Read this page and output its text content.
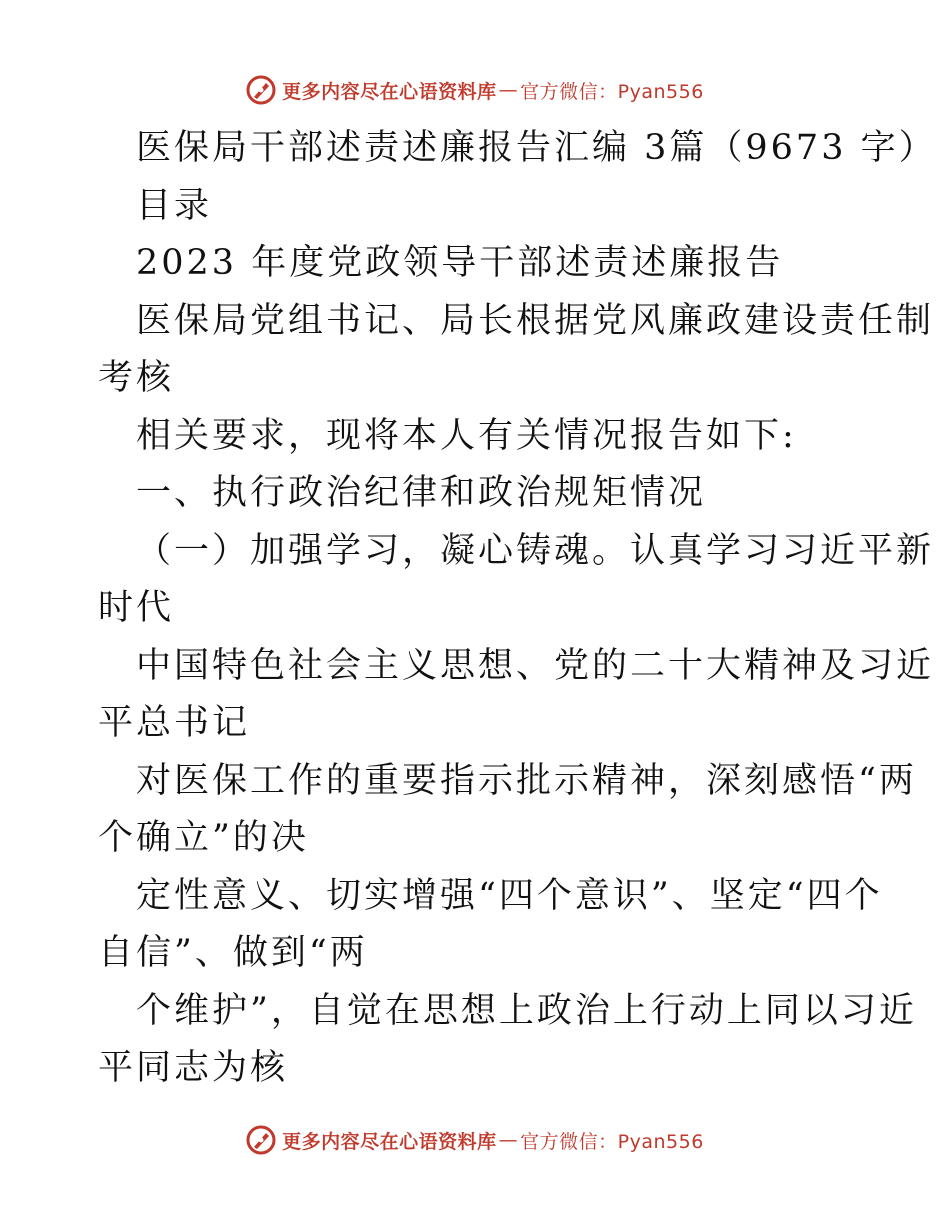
更多内容尽在心语资料库 — 官方微信：Pyan556
医保局干部述责述廉报告汇编 3篇（9673 字）
目录
2023 年度党政领导干部述责述廉报告
医保局党组书记、局长根据党风廉政建设责任制
考核
相关要求，现将本人有关情况报告如下:
一、执行政治纪律和政治规矩情况
（一）加强学习，凝心铸魂。认真学习习近平新
时代
中国特色社会主义思想、党的二十大精神及习近
平总书记
对医保工作的重要指示批示精神，深刻感悟“两
个确立”的决
定性意义、切实增强“四个意识”、坚定“四个
自信”、做到“两
个维护”，自觉在思想上政治上行动上同以习近
平同志为核
更多内容尽在心语资料库 — 官方微信：Pyan556
